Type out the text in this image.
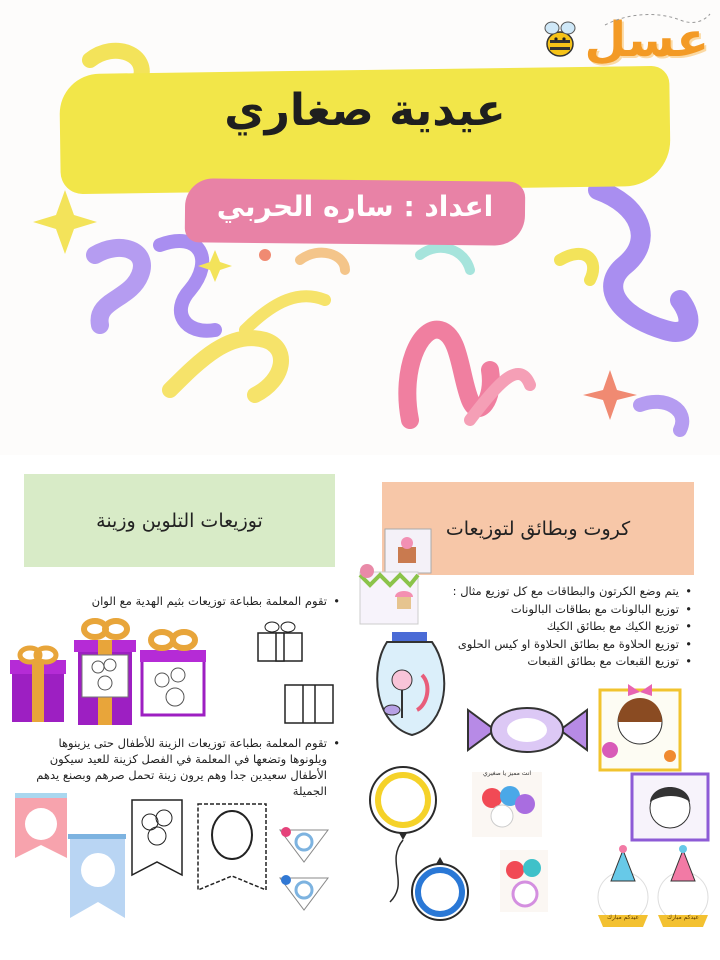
عيدية صغاري
اعداد : ساره الحربي
عسل
توزيعات التلوين وزينة	كروت وبطائق لتوزيعات
• تقوم المعلمة بطباعة توزيعات بثيم الهدية مع الوان
• تقوم المعلمة بطباعة توزيعات الزينة للأطفال حتى يزينوها ويلونوها وتضعها في المعلمة في الفصل كزينة للعيد سيكون الأطفال سعيدين جدا وهم يرون زينة تحمل صرهم وبصنع يدهم الجميلة
• يتم وضع الكرتون والبطاقات مع كل توزيع مثال :
• توزيع البالونات مع بطاقات البالونات
• توزيع الكيك مع بطائق الكيك
• توزيع الحلاوة مع بطائق الحلاوة او كيس الحلوى
• توزيع القبعات مع بطائق القبعات
انت مميز يا صغيري
عيدكم مبارك	عيدكم مبارك
